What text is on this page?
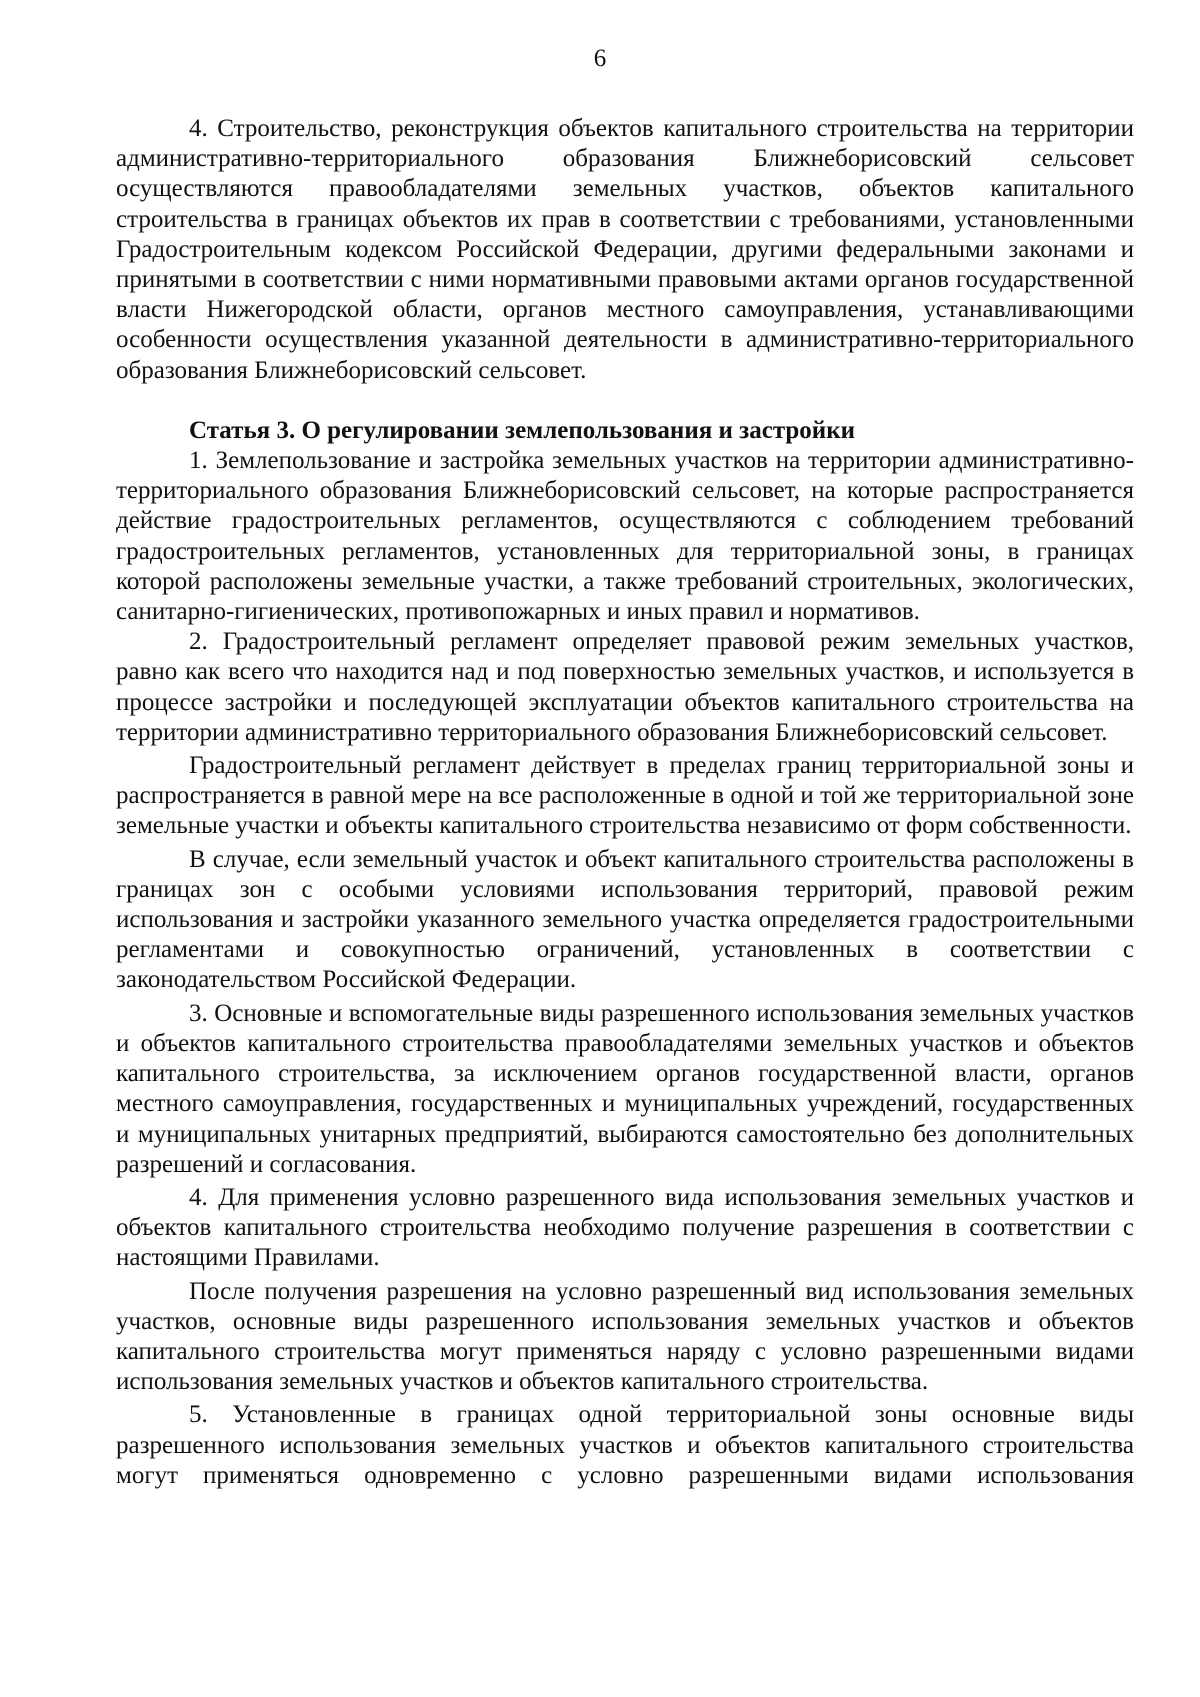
6

4. Строительство, реконструкция объектов капитального строительства на территории административно-территориального образования Ближнеборисовский сельсовет осуществляются правообладателями земельных участков, объектов капитального строительства в границах объектов их прав в соответствии с требованиями, установленными Градостроительным кодексом Российской Федерации, другими федеральными законами и принятыми в соответствии с ними нормативными правовыми актами органов государственной власти Нижегородской области, органов местного самоуправления, устанавливающими особенности осуществления указанной деятельности в административно-территориального образования Ближнеборисовский сельсовет.

Статья 3. О регулировании землепользования и застройки

1. Землепользование и застройка земельных участков на территории административно-территориального образования Ближнеборисовский сельсовет, на которые распространяется действие градостроительных регламентов, осуществляются с соблюдением требований градостроительных регламентов, установленных для территориальной зоны, в границах которой расположены земельные участки, а также требований строительных, экологических, санитарно-гигиенических, противопожарных и иных правил и нормативов.

2. Градостроительный регламент определяет правовой режим земельных участков, равно как всего что находится над и под поверхностью земельных участков, и используется в процессе застройки и последующей эксплуатации объектов капитального строительства на территории административно территориального образования Ближнеборисовский сельсовет.

Градостроительный регламент действует в пределах границ территориальной зоны и распространяется в равной мере на все расположенные в одной и той же территориальной зоне земельные участки и объекты капитального строительства независимо от форм собственности.

В случае, если земельный участок и объект капитального строительства расположены в границах зон с особыми условиями использования территорий, правовой режим использования и застройки указанного земельного участка определяется градостроительными регламентами и совокупностью ограничений, установленных в соответствии с законодательством Российской Федерации.

3. Основные и вспомогательные виды разрешенного использования земельных участков и объектов капитального строительства правообладателями земельных участков и объектов капитального строительства, за исключением органов государственной власти, органов местного самоуправления, государственных и муниципальных учреждений, государственных и муниципальных унитарных предприятий, выбираются самостоятельно без дополнительных разрешений и согласования.

4. Для применения условно разрешенного вида использования земельных участков и объектов капитального строительства необходимо получение разрешения в соответствии с настоящими Правилами.

После получения разрешения на условно разрешенный вид использования земельных участков, основные виды разрешенного использования земельных участков и объектов капитального строительства могут применяться наряду с условно разрешенными видами использования земельных участков и объектов капитального строительства.

5. Установленные в границах одной территориальной зоны основные виды разрешенного использования земельных участков и объектов капитального строительства могут применяться одновременно с условно разрешенными видами использования
